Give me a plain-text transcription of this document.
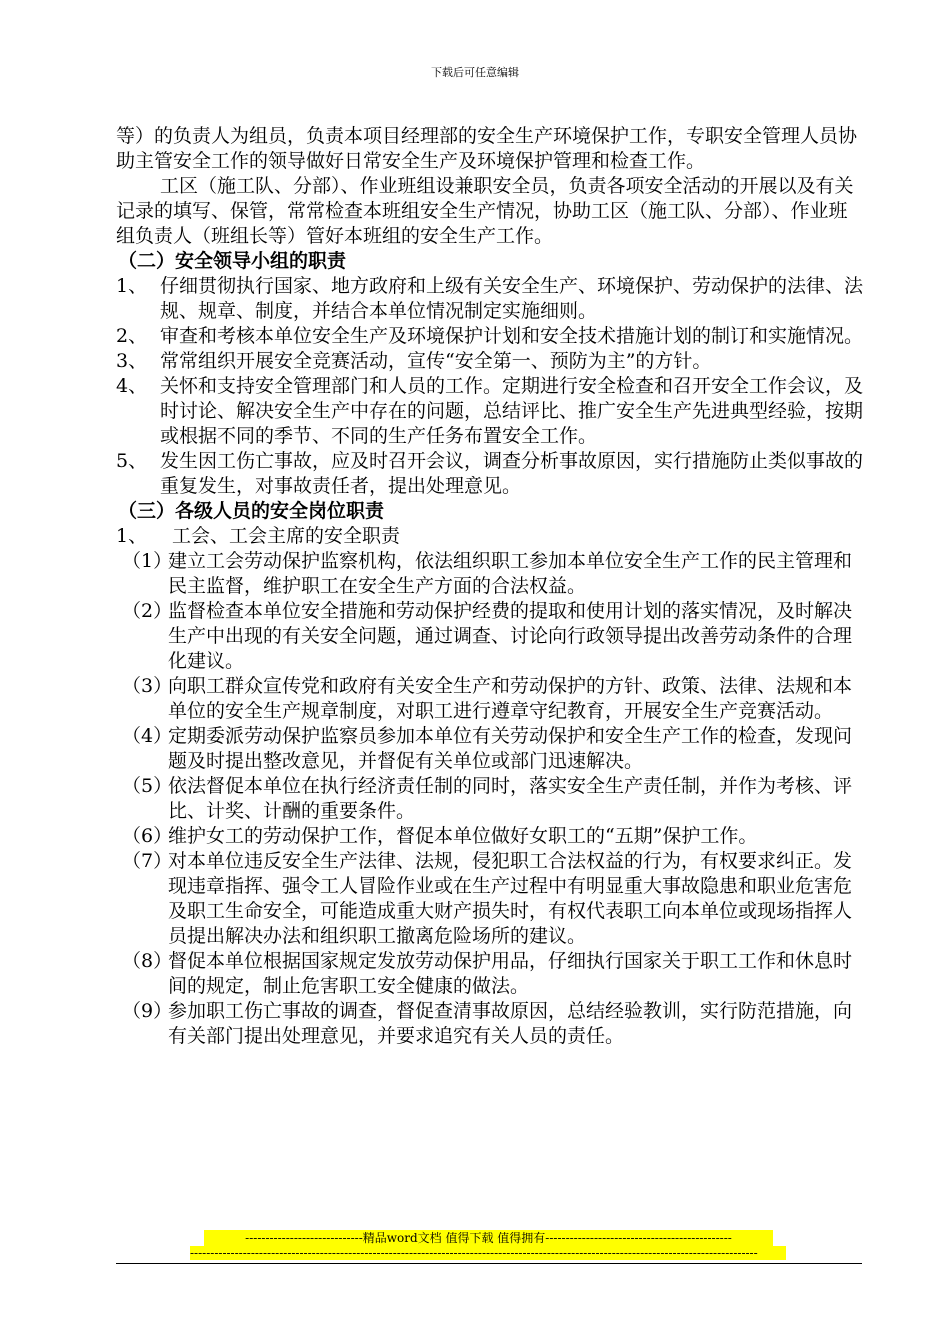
下载后可任意编辑

等）的负责人为组员，负责本项目经理部的安全生产环境保护工作，专职安全管理人员协助主管安全工作的领导做好日常安全生产及环境保护管理和检查工作。

工区（施工队、分部）、作业班组设兼职安全员，负责各项安全活动的开展以及有关记录的填写、保管，常常检查本班组安全生产情况，协助工区（施工队、分部）、作业班组负责人（班组长等）管好本班组的安全生产工作。

（二）安全领导小组的职责

1、 仔细贯彻执行国家、地方政府和上级有关安全生产、环境保护、劳动保护的法律、法规、规章、制度，并结合本单位情况制定实施细则。
2、 审查和考核本单位安全生产及环境保护计划和安全技术措施计划的制订和实施情况。
3、 常常组织开展安全竞赛活动，宣传“安全第一、预防为主”的方针。
4、 关怀和支持安全管理部门和人员的工作。定期进行安全检查和召开安全工作会议，及时讨论、解决安全生产中存在的问题，总结评比、推广安全生产先进典型经验，按期或根据不同的季节、不同的生产任务布置安全工作。
5、 发生因工伤亡事故，应及时召开会议，调查分析事故原因，实行措施防止类似事故的重复发生，对事故责任者，提出处理意见。

（三）各级人员的安全岗位职责

1、	工会、工会主席的安全职责
（1）
建立工会劳动保护监察机构，依法组织职工参加本单位安全生产工作的民主管理和民主监督，维护职工在安全生产方面的合法权益。
（2）
监督检查本单位安全措施和劳动保护经费的提取和使用计划的落实情况，及时解决生产中出现的有关安全问题，通过调查、讨论向行政领导提出改善劳动条件的合理化建议。
（3）
向职工群众宣传党和政府有关安全生产和劳动保护的方针、政策、法律、法规和本单位的安全生产规章制度，对职工进行遵章守纪教育，开展安全生产竞赛活动。
（4）
定期委派劳动保护监察员参加本单位有关劳动保护和安全生产工作的检查，发现问题及时提出整改意见，并督促有关单位或部门迅速解决。
（5）
依法督促本单位在执行经济责任制的同时，落实安全生产责任制，并作为考核、评比、计奖、计酬的重要条件。
（6）
维护女工的劳动保护工作，督促本单位做好女职工的“五期”保护工作。
（7）
对本单位违反安全生产法律、法规，侵犯职工合法权益的行为，有权要求纠正。发现违章指挥、强令工人冒险作业或在生产过程中有明显重大事故隐患和职业危害危及职工生命安全，可能造成重大财产损失时，有权代表职工向本单位或现场指挥人员提出解决办法和组织职工撤离危险场所的建议。
（8）
督促本单位根据国家规定发放劳动保护用品，仔细执行国家关于职工工作和休息时间的规定，制止危害职工安全健康的做法。
（9）
参加职工伤亡事故的调查，督促查清事故原因，总结经验教训，实行防范措施，向有关部门提出处理意见，并要求追究有关人员的责任。
-----------------------------精品word文档 值得下载 值得拥有----------------------------------------------
--------------------------------------------------------------------------------------------------------------------------------------------
